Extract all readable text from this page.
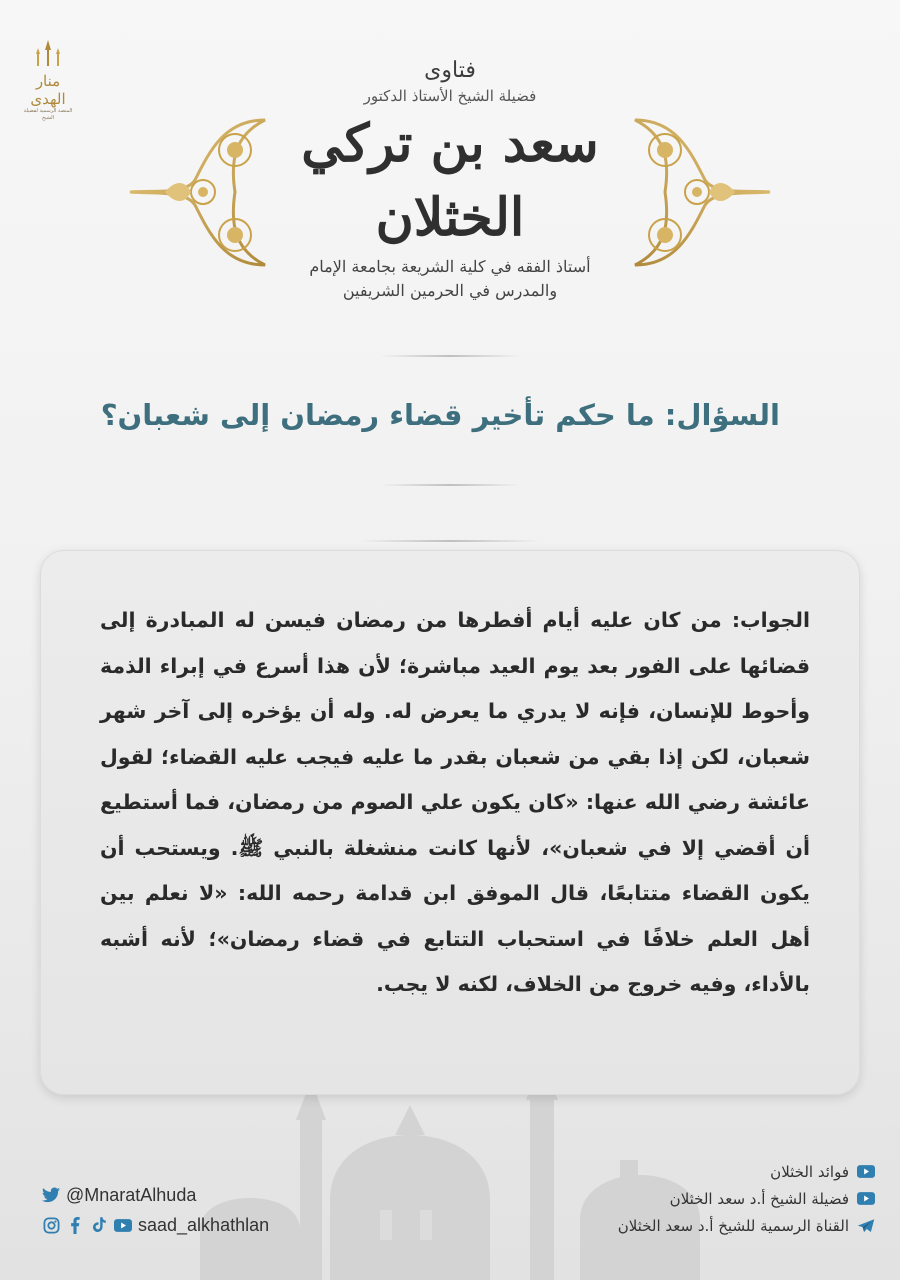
منار الهدى
المنصة الرسمية لفضيلة الشيخ
فتاوى
فضيلة الشيخ الأستاذ الدكتور
سعد بن تركي الخثلان
أستاذ الفقه في كلية الشريعة بجامعة الإمام
والمدرس في الحرمين الشريفين
السؤال: ما حكم تأخير قضاء رمضان إلى شعبان؟
الجواب: من كان عليه أيام أفطرها من رمضان فيسن له المبادرة إلى قضائها على الفور بعد يوم العيد مباشرة؛ لأن هذا أسرع في إبراء الذمة وأحوط للإنسان، فإنه لا يدري ما يعرض له. وله أن يؤخره إلى آخر شهر شعبان، لكن إذا بقي من شعبان بقدر ما عليه فيجب عليه القضاء؛ لقول عائشة رضي الله عنها: «كان يكون علي الصوم من رمضان، فما أستطيع أن أقضي إلا في شعبان»، لأنها كانت منشغلة بالنبي ﷺ. ويستحب أن يكون القضاء متتابعًا، قال الموفق ابن قدامة رحمه الله: «لا نعلم بين أهل العلم خلافًا في استحباب التتابع في قضاء رمضان»؛ لأنه أشبه بالأداء، وفيه خروج من الخلاف، لكنه لا يجب.
@MnaratAlhuda
saad_alkhathlan
فوائد الخثلان
فضيلة الشيخ أ.د سعد الخثلان
القناة الرسمية للشيخ أ.د سعد الخثلان
